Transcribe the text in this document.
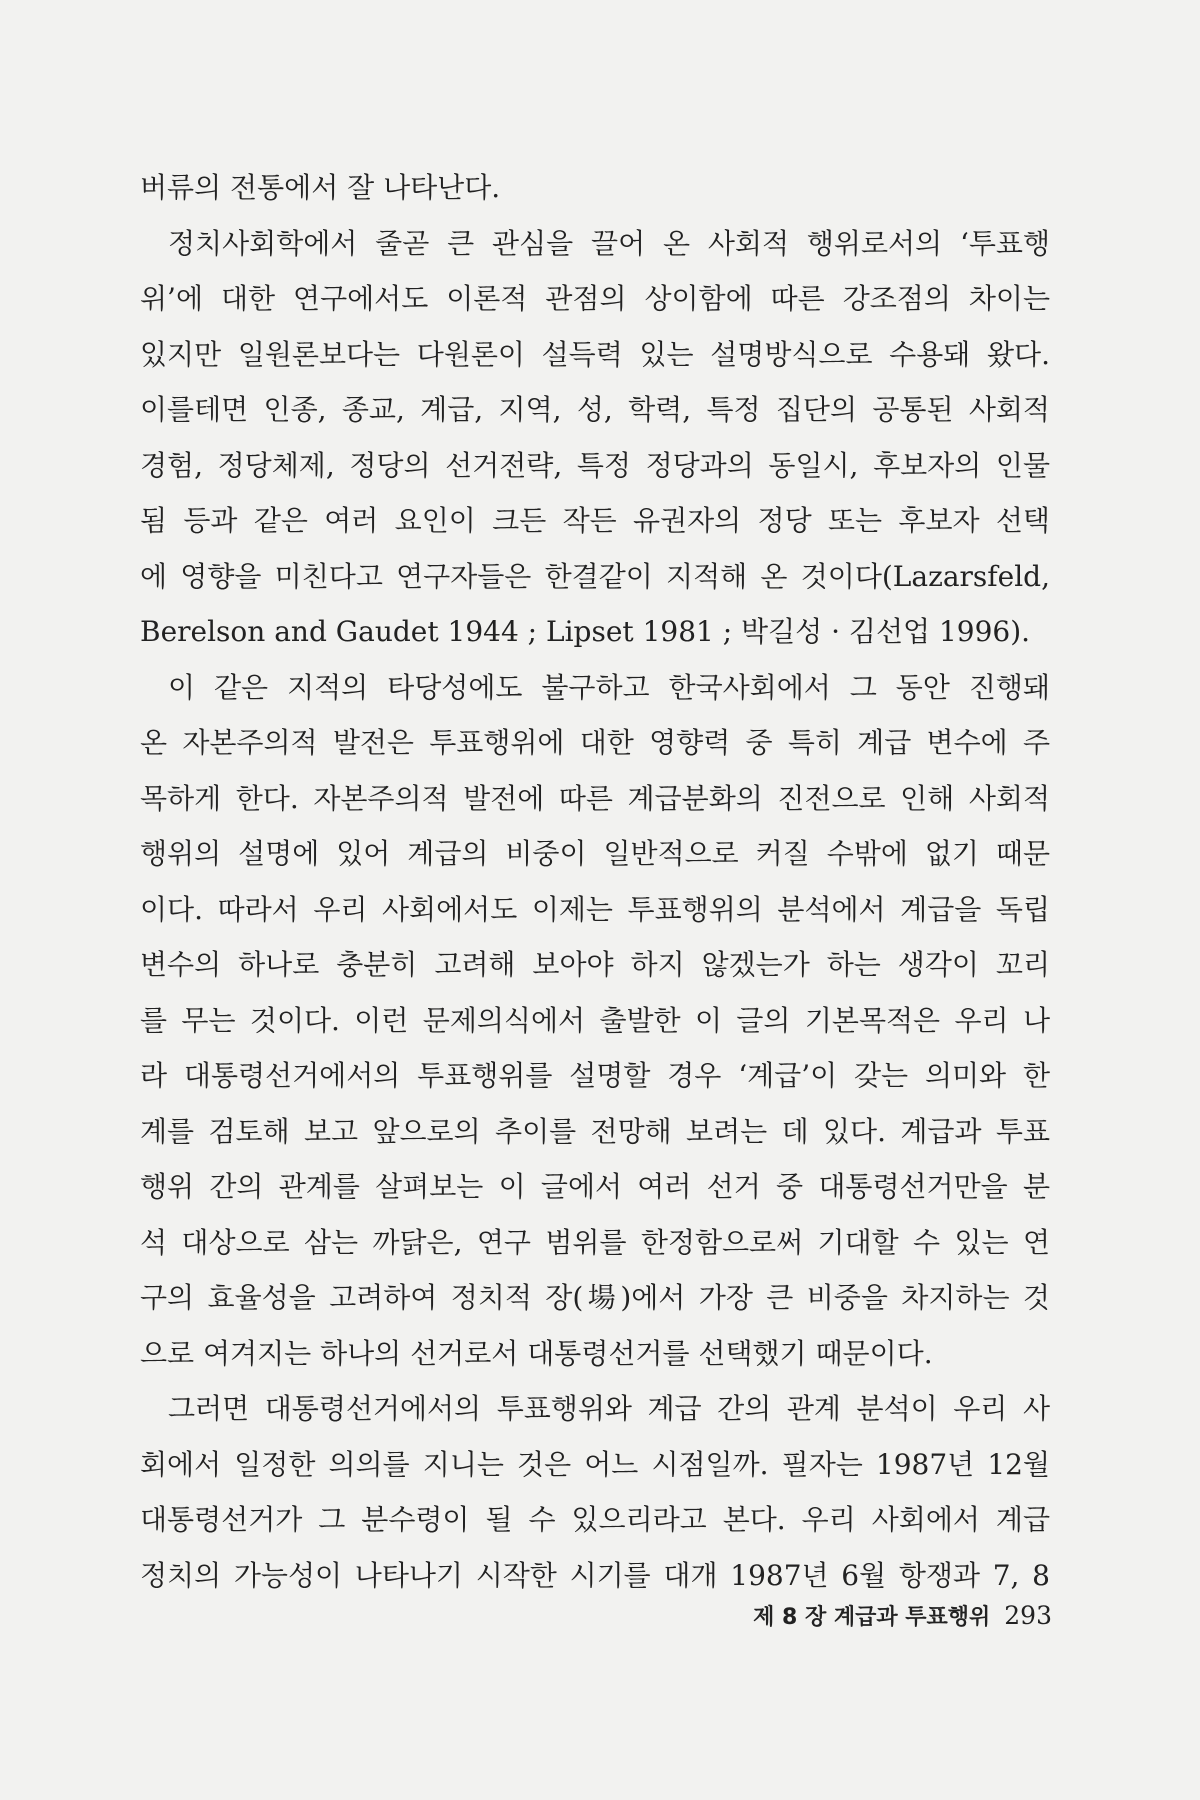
버류의 전통에서 잘 나타난다.
정치사회학에서 줄곧 큰 관심을 끌어 온 사회적 행위로서의 ‘투표행
위’에 대한 연구에서도 이론적 관점의 상이함에 따른 강조점의 차이는
있지만 일원론보다는 다원론이 설득력 있는 설명방식으로 수용돼 왔다.
이를테면 인종, 종교, 계급, 지역, 성, 학력, 특정 집단의 공통된 사회적
경험, 정당체제, 정당의 선거전략, 특정 정당과의 동일시, 후보자의 인물
됨 등과 같은 여러 요인이 크든 작든 유권자의 정당 또는 후보자 선택
에 영향을 미친다고 연구자들은 한결같이 지적해 온 것이다(Lazarsfeld,
Berelson and Gaudet 1944 ; Lipset 1981 ; 박길성 · 김선업 1996).
이 같은 지적의 타당성에도 불구하고 한국사회에서 그 동안 진행돼
온 자본주의적 발전은 투표행위에 대한 영향력 중 특히 계급 변수에 주
목하게 한다. 자본주의적 발전에 따른 계급분화의 진전으로 인해 사회적
행위의 설명에 있어 계급의 비중이 일반적으로 커질 수밖에 없기 때문
이다. 따라서 우리 사회에서도 이제는 투표행위의 분석에서 계급을 독립
변수의 하나로 충분히 고려해 보아야 하지 않겠는가 하는 생각이 꼬리
를 무는 것이다. 이런 문제의식에서 출발한 이 글의 기본목적은 우리 나
라 대통령선거에서의 투표행위를 설명할 경우 ‘계급’이 갖는 의미와 한
계를 검토해 보고 앞으로의 추이를 전망해 보려는 데 있다. 계급과 투표
행위 간의 관계를 살펴보는 이 글에서 여러 선거 중 대통령선거만을 분
석 대상으로 삼는 까닭은, 연구 범위를 한정함으로써 기대할 수 있는 연
구의 효율성을 고려하여 정치적 장(場)에서 가장 큰 비중을 차지하는 것
으로 여겨지는 하나의 선거로서 대통령선거를 선택했기 때문이다.
그러면 대통령선거에서의 투표행위와 계급 간의 관계 분석이 우리 사
회에서 일정한 의의를 지니는 것은 어느 시점일까. 필자는 1987년 12월
대통령선거가 그 분수령이 될 수 있으리라고 본다. 우리 사회에서 계급
정치의 가능성이 나타나기 시작한 시기를 대개 1987년 6월 항쟁과 7, 8
제 8 장 계급과 투표행위 293
